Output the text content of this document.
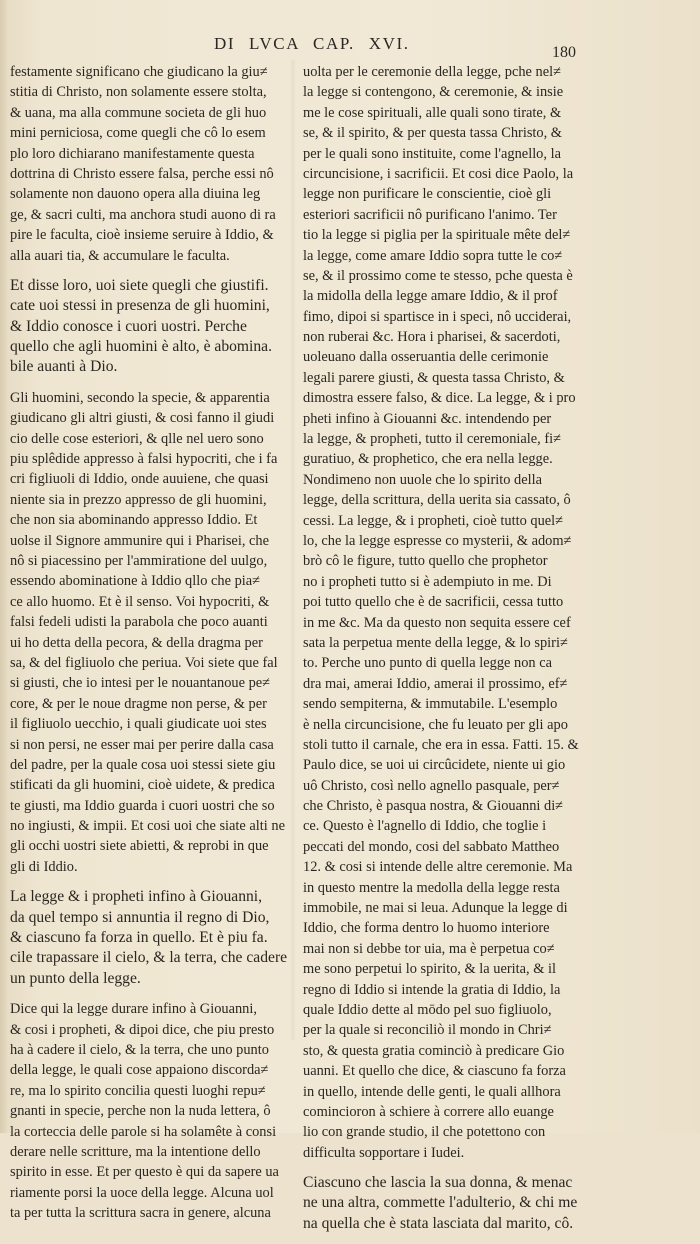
DI LVCA CAP. XVI.	180
festamente significano che giudicano la giu≠
stitia di Christo, non solamente essere stolta,
& uana, ma alla commune societa de gli huo
mini perniciosa, come quegli che cô lo esem
plo loro dichiarano manifestamente questa
dottrina di Christo essere falsa, perche essi nô
solamente non dauono opera alla diuina leg
ge, & sacri culti, ma anchora studi auono di ra
pire le faculta, cioè insieme seruire à Iddio, &
alla auari tia, & accumulare le faculta.
Et disse loro, uoi siete quegli che giustifi.
cate uoi stessi in presenza de gli huomini,
& Iddio conosce i cuori uostri. Perche
quello che agli huomini è alto, è abomina.
bile auanti à Dio.
Gli huomini, secondo la specie, & apparentia
giudicano gli altri giusti, & cosi fanno il giudi
cio delle cose esteriori, & qlle nel uero sono
piu splêdide appresso à falsi hypocriti, che i fa
cri figliuoli di Iddio, onde auuiene, che quasi
niente sia in prezzo appresso de gli huomini,
che non sia abominando appresso Iddio. Et
uolse il Signore ammunire qui i Pharisei, che
nô si piacessino per l'ammiratione del uulgo,
essendo abominatione à Iddio qllo che pia≠
ce allo huomo. Et è il senso. Voi hypocriti, &
falsi fedeli udisti la parabola che poco auanti
ui ho detta della pecora, & della dragma per
sa, & del figliuolo che periua. Voi siete que fal
si giusti, che io intesi per le nouantanoue pe≠
core, & per le noue dragme non perse, & per
il figliuolo uecchio, i quali giudicate uoi stes
si non persi, ne esser mai per perire dalla casa
del padre, per la quale cosa uoi stessi siete giu
stificati da gli huomini, cioè uidete, & predica
te giusti, ma Iddio guarda i cuori uostri che so
no ingiusti, & impii. Et cosi uoi che siate alti ne
gli occhi uostri siete abietti, & reprobi in que
gli di Iddio.
La legge & i propheti infino à Giouanni,
da quel tempo si annuntia il regno di Dio,
& ciascuno fa forza in quello. Et è piu fa.
cile trapassare il cielo, & la terra, che cadere
un punto della legge.
Dice qui la legge durare infino à Giouanni,
& cosi i propheti, & dipoi dice, che piu presto
ha à cadere il cielo, & la terra, che uno punto
della legge, le quali cose appaiono discorda≠
re, ma lo spirito concilia questi luoghi repu≠
gnanti in specie, perche non la nuda lettera, ô
la corteccia delle parole si ha solamête à consi
derare nelle scritture, ma la intentione dello
spirito in esse. Et per questo è qui da sapere ua
riamente porsi la uoce della legge. Alcuna uol
ta per tutta la scrittura sacra in genere, alcuna
uolta per le ceremonie della legge, pche nel≠
la legge si contengono, & ceremonie, & insie
me le cose spirituali, alle quali sono tirate, &
se, & il spirito, & per questa tassa Christo, &
per le quali sono instituite, come l'agnello, la
circuncisione, i sacrificii. Et cosi dice Paolo, la
legge non purificare le conscientie, cioè gli
esteriori sacrificii nô purificano l'animo. Ter
tio la legge si piglia per la spirituale mête del≠
la legge, come amare Iddio sopra tutte le co≠
se, & il prossimo come te stesso, pche questa è
la midolla della legge amare Iddio, & il prof
fimo, dipoi si spartisce in i speci, nô ucciderai,
non ruberai &c. Hora i pharisei, & sacerdoti,
uoleuano dalla osseruantia delle cerimonie
legali parere giusti, & questa tassa Christo, &
dimostra essere falso, & dice. La legge, & i pro
pheti infino à Giouanni &c. intendendo per
la legge, & propheti, tutto il ceremoniale, fi≠
guratiuo, & prophetico, che era nella legge.
Nondimeno non uuole che lo spirito della
legge, della scrittura, della uerita sia cassato, ô
cessi. La legge, & i propheti, cioè tutto quel≠
lo, che la legge espresse co mysterii, & adom≠
brò cô le figure, tutto quello che prophetor
no i propheti tutto si è adempiuto in me. Di
poi tutto quello che è de sacrificii, cessa tutto
in me &c. Ma da questo non sequita essere cef
sata la perpetua mente della legge, & lo spiri≠
to. Perche uno punto di quella legge non ca
dra mai, amerai Iddio, amerai il prossimo, ef≠
sendo sempiterna, & immutabile. L'esemplo
è nella circuncisione, che fu leuato per gli apo
stoli tutto il carnale, che era in essa. Fatti. 15. &
Paulo dice, se uoi ui circûcidete, niente ui gio
uô Christo, così nello agnello pasquale, per≠
che Christo, è pasqua nostra, & Giouanni di≠
ce. Questo è l'agnello di Iddio, che toglie i
peccati del mondo, cosi del sabbato Mattheo
12. & cosi si intende delle altre ceremonie. Ma
in questo mentre la medolla della legge resta
immobile, ne mai si leua. Adunque la legge di
Iddio, che forma dentro lo huomo interiore
mai non si debbe tor uia, ma è perpetua co≠
me sono perpetui lo spirito, & la uerita, & il
regno di Iddio si intende la gratia di Iddio, la
quale Iddio dette al mōdo pel suo figliuolo,
per la quale si reconciliò il mondo in Chri≠
sto, & questa gratia cominciò à predicare Gio
uanni. Et quello che dice, & ciascuno fa forza
in quello, intende delle genti, le quali allhora
comincioron à schiere à correre allo euange
lio con grande studio, il che potettono con
difficulta sopportare i Iudei.
Ciascuno che lascia la sua donna, & menac
ne una altra, commette l'adulterio, & chi me
na quella che è stata lasciata dal marito, cô.
